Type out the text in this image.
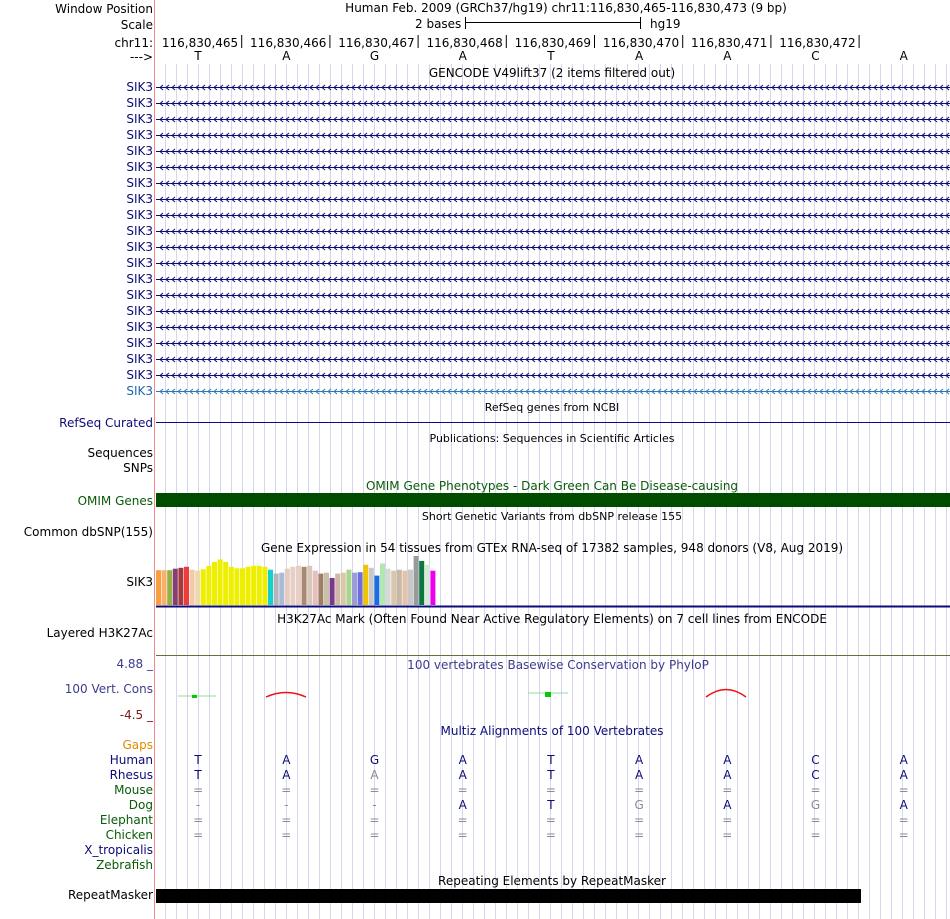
Window Position
Scale
chr11:
--->
Human Feb. 2009 (GRCh37/hg19) chr11:116,830,465-116,830,473 (9 bp)
2 bases	hg19
116,830,465 116,830,466 116,830,467 116,830,468 116,830,469 116,830,470 116,830,471 116,830,472
T	A	G	A	T	A	A	C	A
GENCODE V49lift37 (2 items filtered out)
SIK3
SIK3
SIK3
SIK3
SIK3
SIK3
SIK3
SIK3
SIK3
SIK3
SIK3
SIK3
SIK3
SIK3
SIK3
SIK3
SIK3
SIK3
SIK3
SIK3
RefSeq genes from NCBI
RefSeq Curated
Publications: Sequences in Scientific Articles
Sequences
SNPs
OMIM Gene Phenotypes - Dark Green Can Be Disease-causing
OMIM Genes
Short Genetic Variants from dbSNP release 155
Common dbSNP(155)
Gene Expression in 54 tissues from GTEx RNA-seq of 17382 samples, 948 donors (V8, Aug 2019)
SIK3
H3K27Ac Mark (Often Found Near Active Regulatory Elements) on 7 cell lines from ENCODE
Layered H3K27Ac
100 vertebrates Basewise Conservation by PhyloP
4.88 _
100 Vert. Cons
-4.5 _
Multiz Alignments of 100 Vertebrates
Gaps
Human	T	A	G	A	T	A	A	C	A
Rhesus	T	A	A	A	T	A	A	C	A
Mouse	=	=	=	=	=	=	=	=	=
Dog	-	-	-	A	T	G	A	G	A
Elephant	=	=	=	=	=	=	=	=	=
Chicken	=	=	=	=	=	=	=	=	=
X_tropicalis
Zebrafish
Repeating Elements by RepeatMasker
RepeatMasker
